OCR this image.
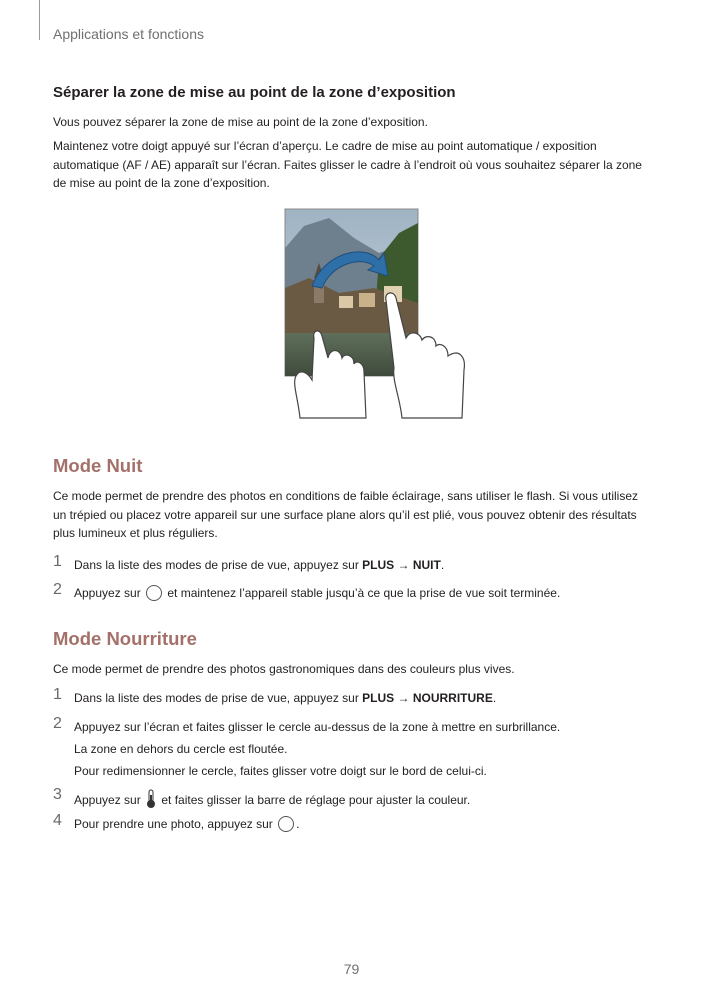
Applications et fonctions
Séparer la zone de mise au point de la zone d’exposition
Vous pouvez séparer la zone de mise au point de la zone d’exposition.
Maintenez votre doigt appuyé sur l’écran d’aperçu. Le cadre de mise au point automatique / exposition
automatique (AF / AE) apparaît sur l’écran. Faites glisser le cadre à l’endroit où vous souhaitez séparer la zone
de mise au point de la zone d’exposition.
Mode Nuit
Ce mode permet de prendre des photos en conditions de faible éclairage, sans utiliser le flash. Si vous utilisez
un trépied ou placez votre appareil sur une surface plane alors qu’il est plié, vous pouvez obtenir des résultats
plus lumineux et plus réguliers.
1 Dans la liste des modes de prise de vue, appuyez sur PLUS → NUIT.
2 Appuyez sur  et maintenez l’appareil stable jusqu’à ce que la prise de vue soit terminée.
Mode Nourriture
Ce mode permet de prendre des photos gastronomiques dans des couleurs plus vives.
1 Dans la liste des modes de prise de vue, appuyez sur PLUS → NOURRITURE.
2 Appuyez sur l’écran et faites glisser le cercle au-dessus de la zone à mettre en surbrillance.
La zone en dehors du cercle est floutée.
Pour redimensionner le cercle, faites glisser votre doigt sur le bord de celui-ci.
3 Appuyez sur  et faites glisser la barre de réglage pour ajuster la couleur.
4 Pour prendre une photo, appuyez sur .
79
